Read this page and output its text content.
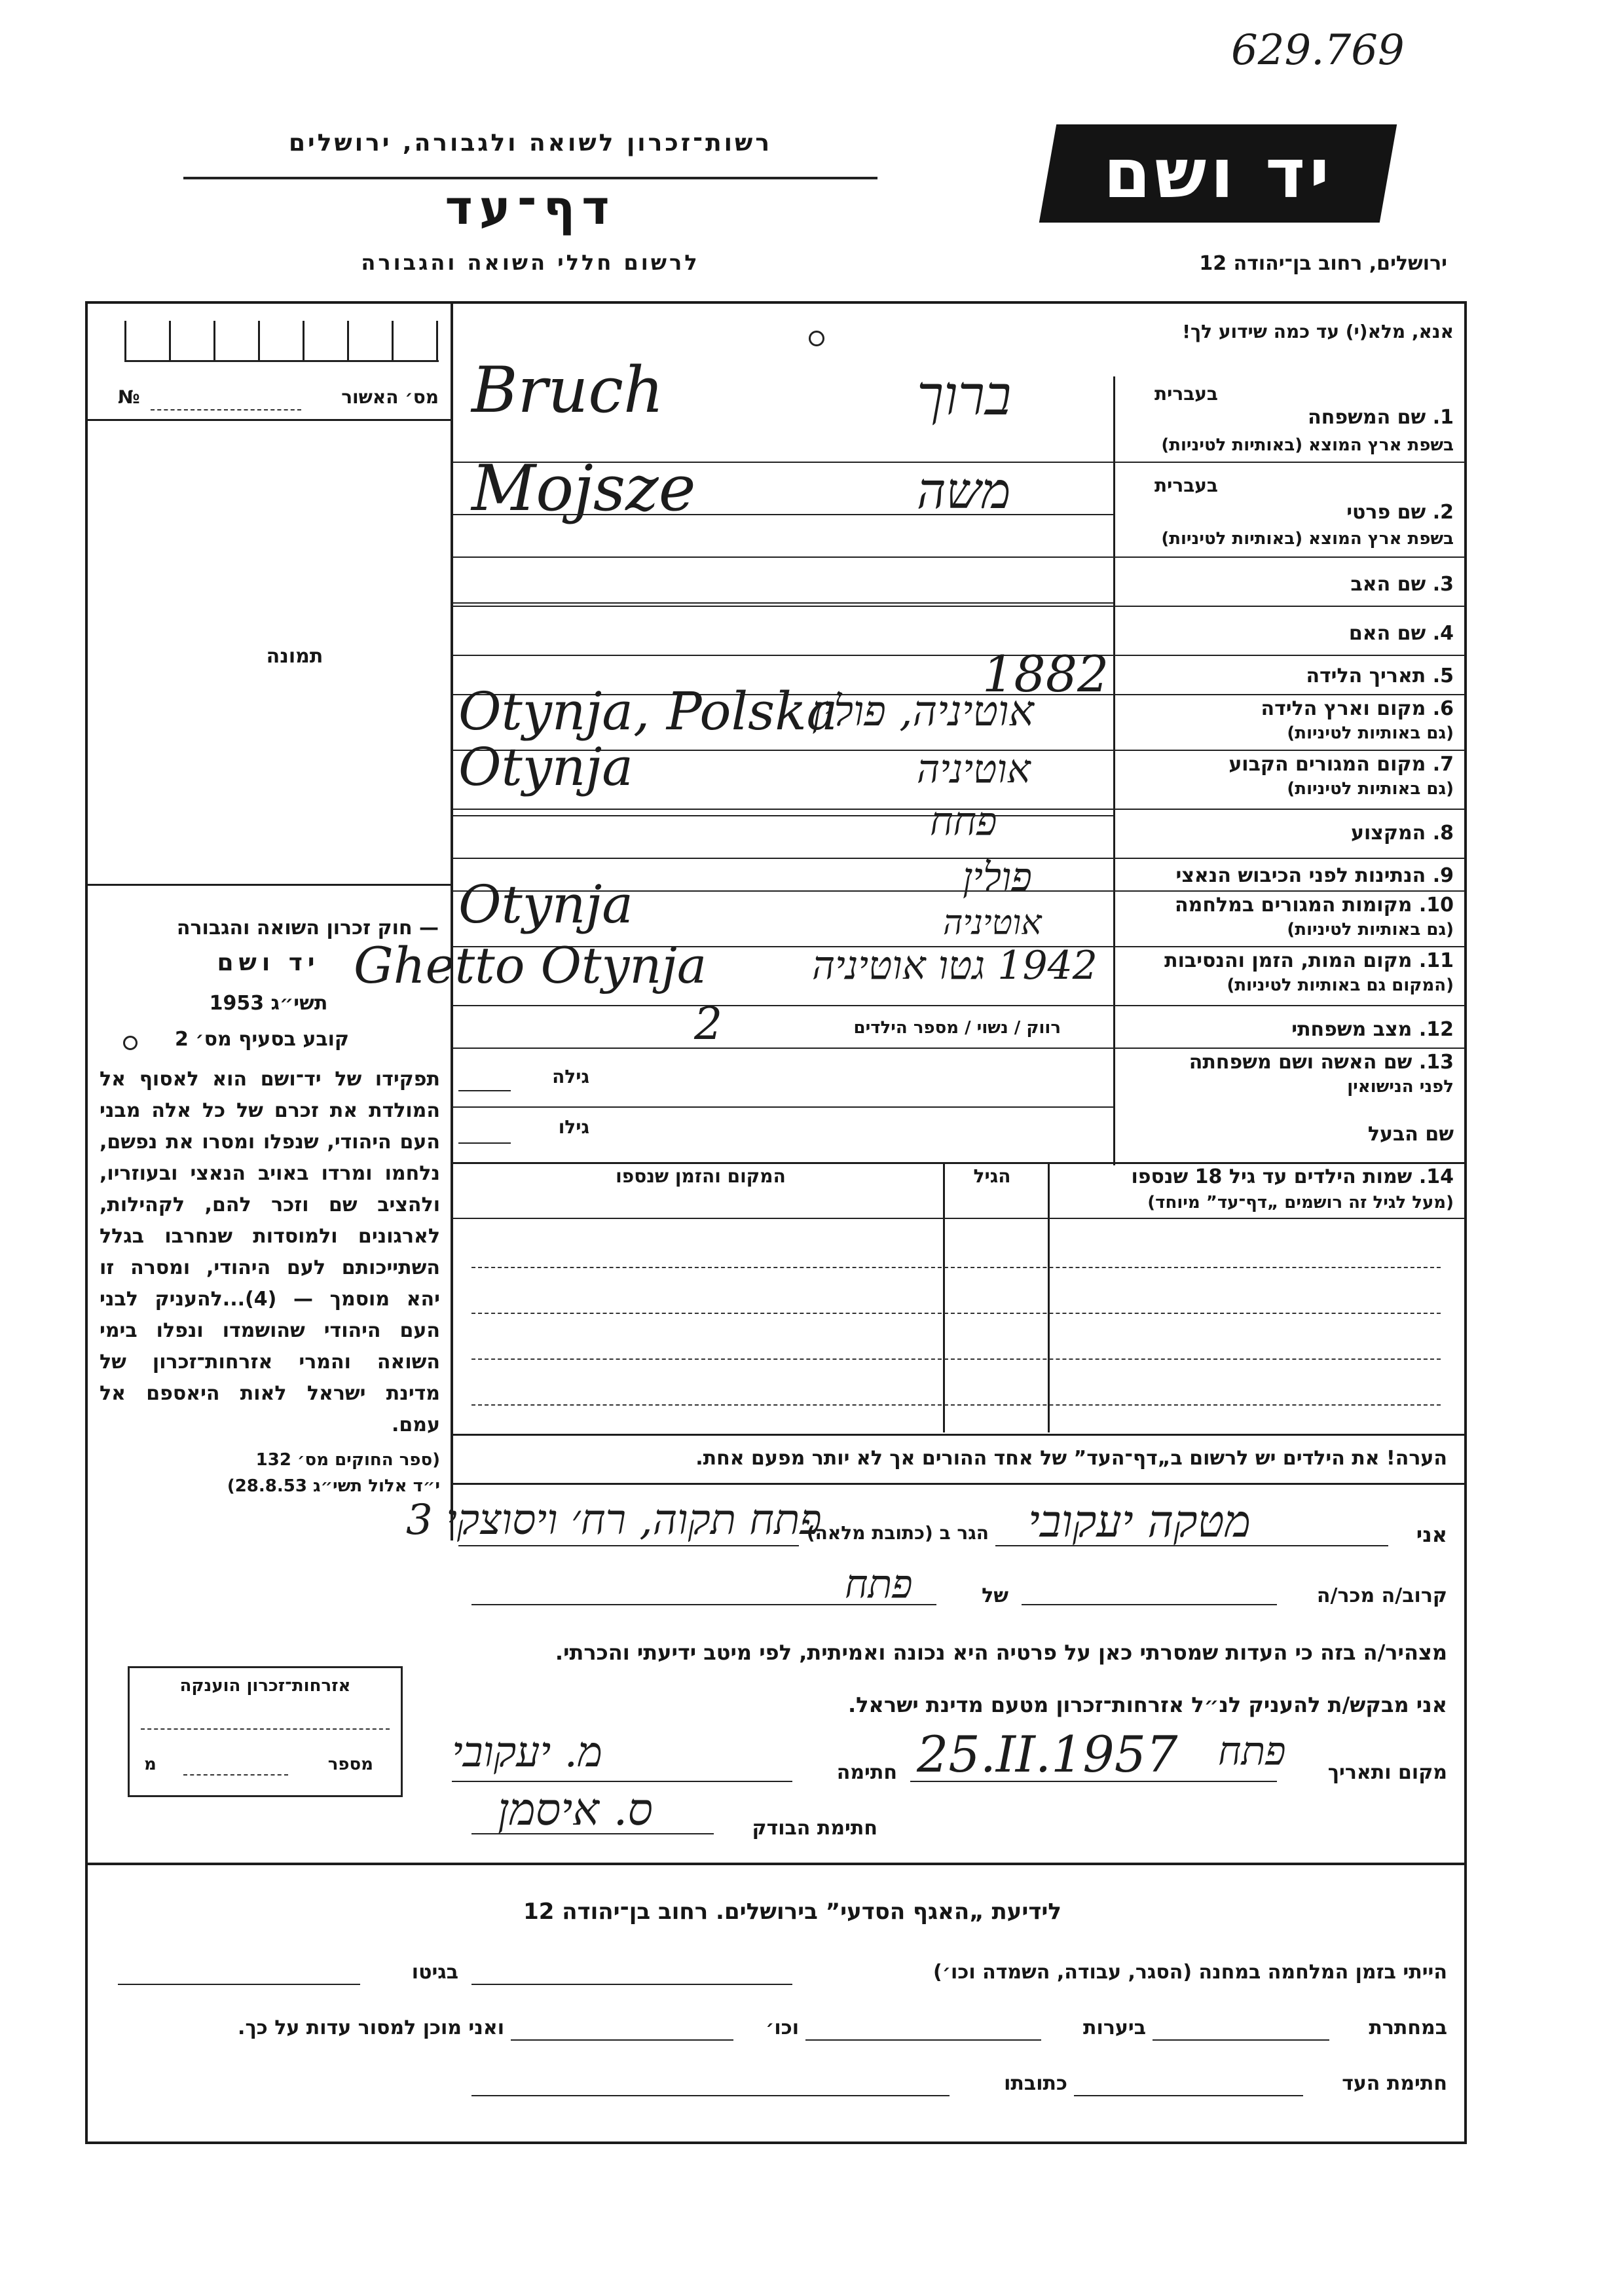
629.769
רשות־זכרון לשואה ולגבורה, ירושלים
דף־עד
לרשום חללי השואה והגבורה
יד ושם
ירושלים, רחוב בן־יהודה 12
מס׳ האשור
№
תמונה
אנא, מלא(י) עד כמה שידוע לך!
בעברית
1. שם המשפחה
בשפת ארץ המוצא (באותיות לטיניות)
Bruch	ברוך
בעברית
2. שם פרטי
בשפת ארץ המוצא (באותיות לטיניות)
Mojsze	משה
3. שם האב
4. שם האם
5. תאריך הלידה
1882
6. מקום וארץ הלידה
(גם באותיות לטיניות)
Otynja, Polska
אוטיניה, פולין
7. מקום המגורים הקבוע
(גם באותיות לטיניות)
Otynja	אוטיניה
8. המקצוע
פחח
9. הנתינות לפני הכיבוש הנאצי
פולין
10. מקומות המגורים במלחמה
(גם באותיות לטיניות)
Otynja	אוטיניה
11. מקום המות, הזמן והנסיבות
(המקום גם באותיות לטיניות)
Ghetto Otynja	1942 גטו אוטיניה
12. מצב משפחתי
רווק / נשוי / מספר הילדים
2
13. שם האשה ושם משפחתה
לפני הנישואין
גילה
שם הבעל
גילו
14. שמות הילדים עד גיל 18 שנספו
(מעל לגיל זה רושמים „דף־עד” מיוחד)
הגיל
המקום והזמן שנספו
הערה! את הילדים יש לרשום ב„דף־העד” של אחד ההורים אך לא יותר מפעם אחת.
— חוק זכרון השואה והגבורה
יד ושם
תשי״ג 1953
קובע בסעיף מס׳ 2
תפקידו של יד־ושם הוא לאסוף אל המולדת את זכרם של כל אלה מבני העם היהודי, שנפלו ומסרו את נפשם, נלחמו ומרדו באויב הנאצי ובעוזריו, ולהציב שם וזכר להם, לקהילות, לארגונים ולמוסדות שנחרבו בגלל השתייכותם לעם היהודי, ומסרה זו יהא מוסמך — (4)...להעניק לבני העם היהודי שהושמדו ונפלו בימי השואה והמרי אזרחות־זכרון של מדינת ישראל לאות היאספם אל עמם.
(ספר החוקים מס׳ 132
י״ד אלול תשי״ג 28.8.53)
אני
מטקה יעקובי
הגר ב (כתובת מלאה)
פתח תקוה, רח׳ ויסוצקי 3
קרוב/ה מכר/ה
של
פתח
מצהיר/ה בזה כי העדות שמסרתי כאן על פרטיה היא נכונה ואמיתית, לפי מיטב ידיעתי והכרתי.
אני מבקש/ת להעניק לנ״ל אזרחות־זכרון מטעם מדינת ישראל.
מקום ותאריך
פתח
25.II.1957
חתימה
מ. יעקובי
חתימת הבודק
ס. איסמן
אזרחות־זכרון הוענקה
מספר
מ
לידיעת „האגף הסדעי” בירושלים. רחוב בן־יהודה 12
הייתי בזמן המלחמה במחנה (הסגר, עבודה, השמדה וכו׳)
בגיטו
במחתרת
ביערות
וכו׳
ואני מוכן למסור עדות על כך.
חתימת העד
כתובתו
